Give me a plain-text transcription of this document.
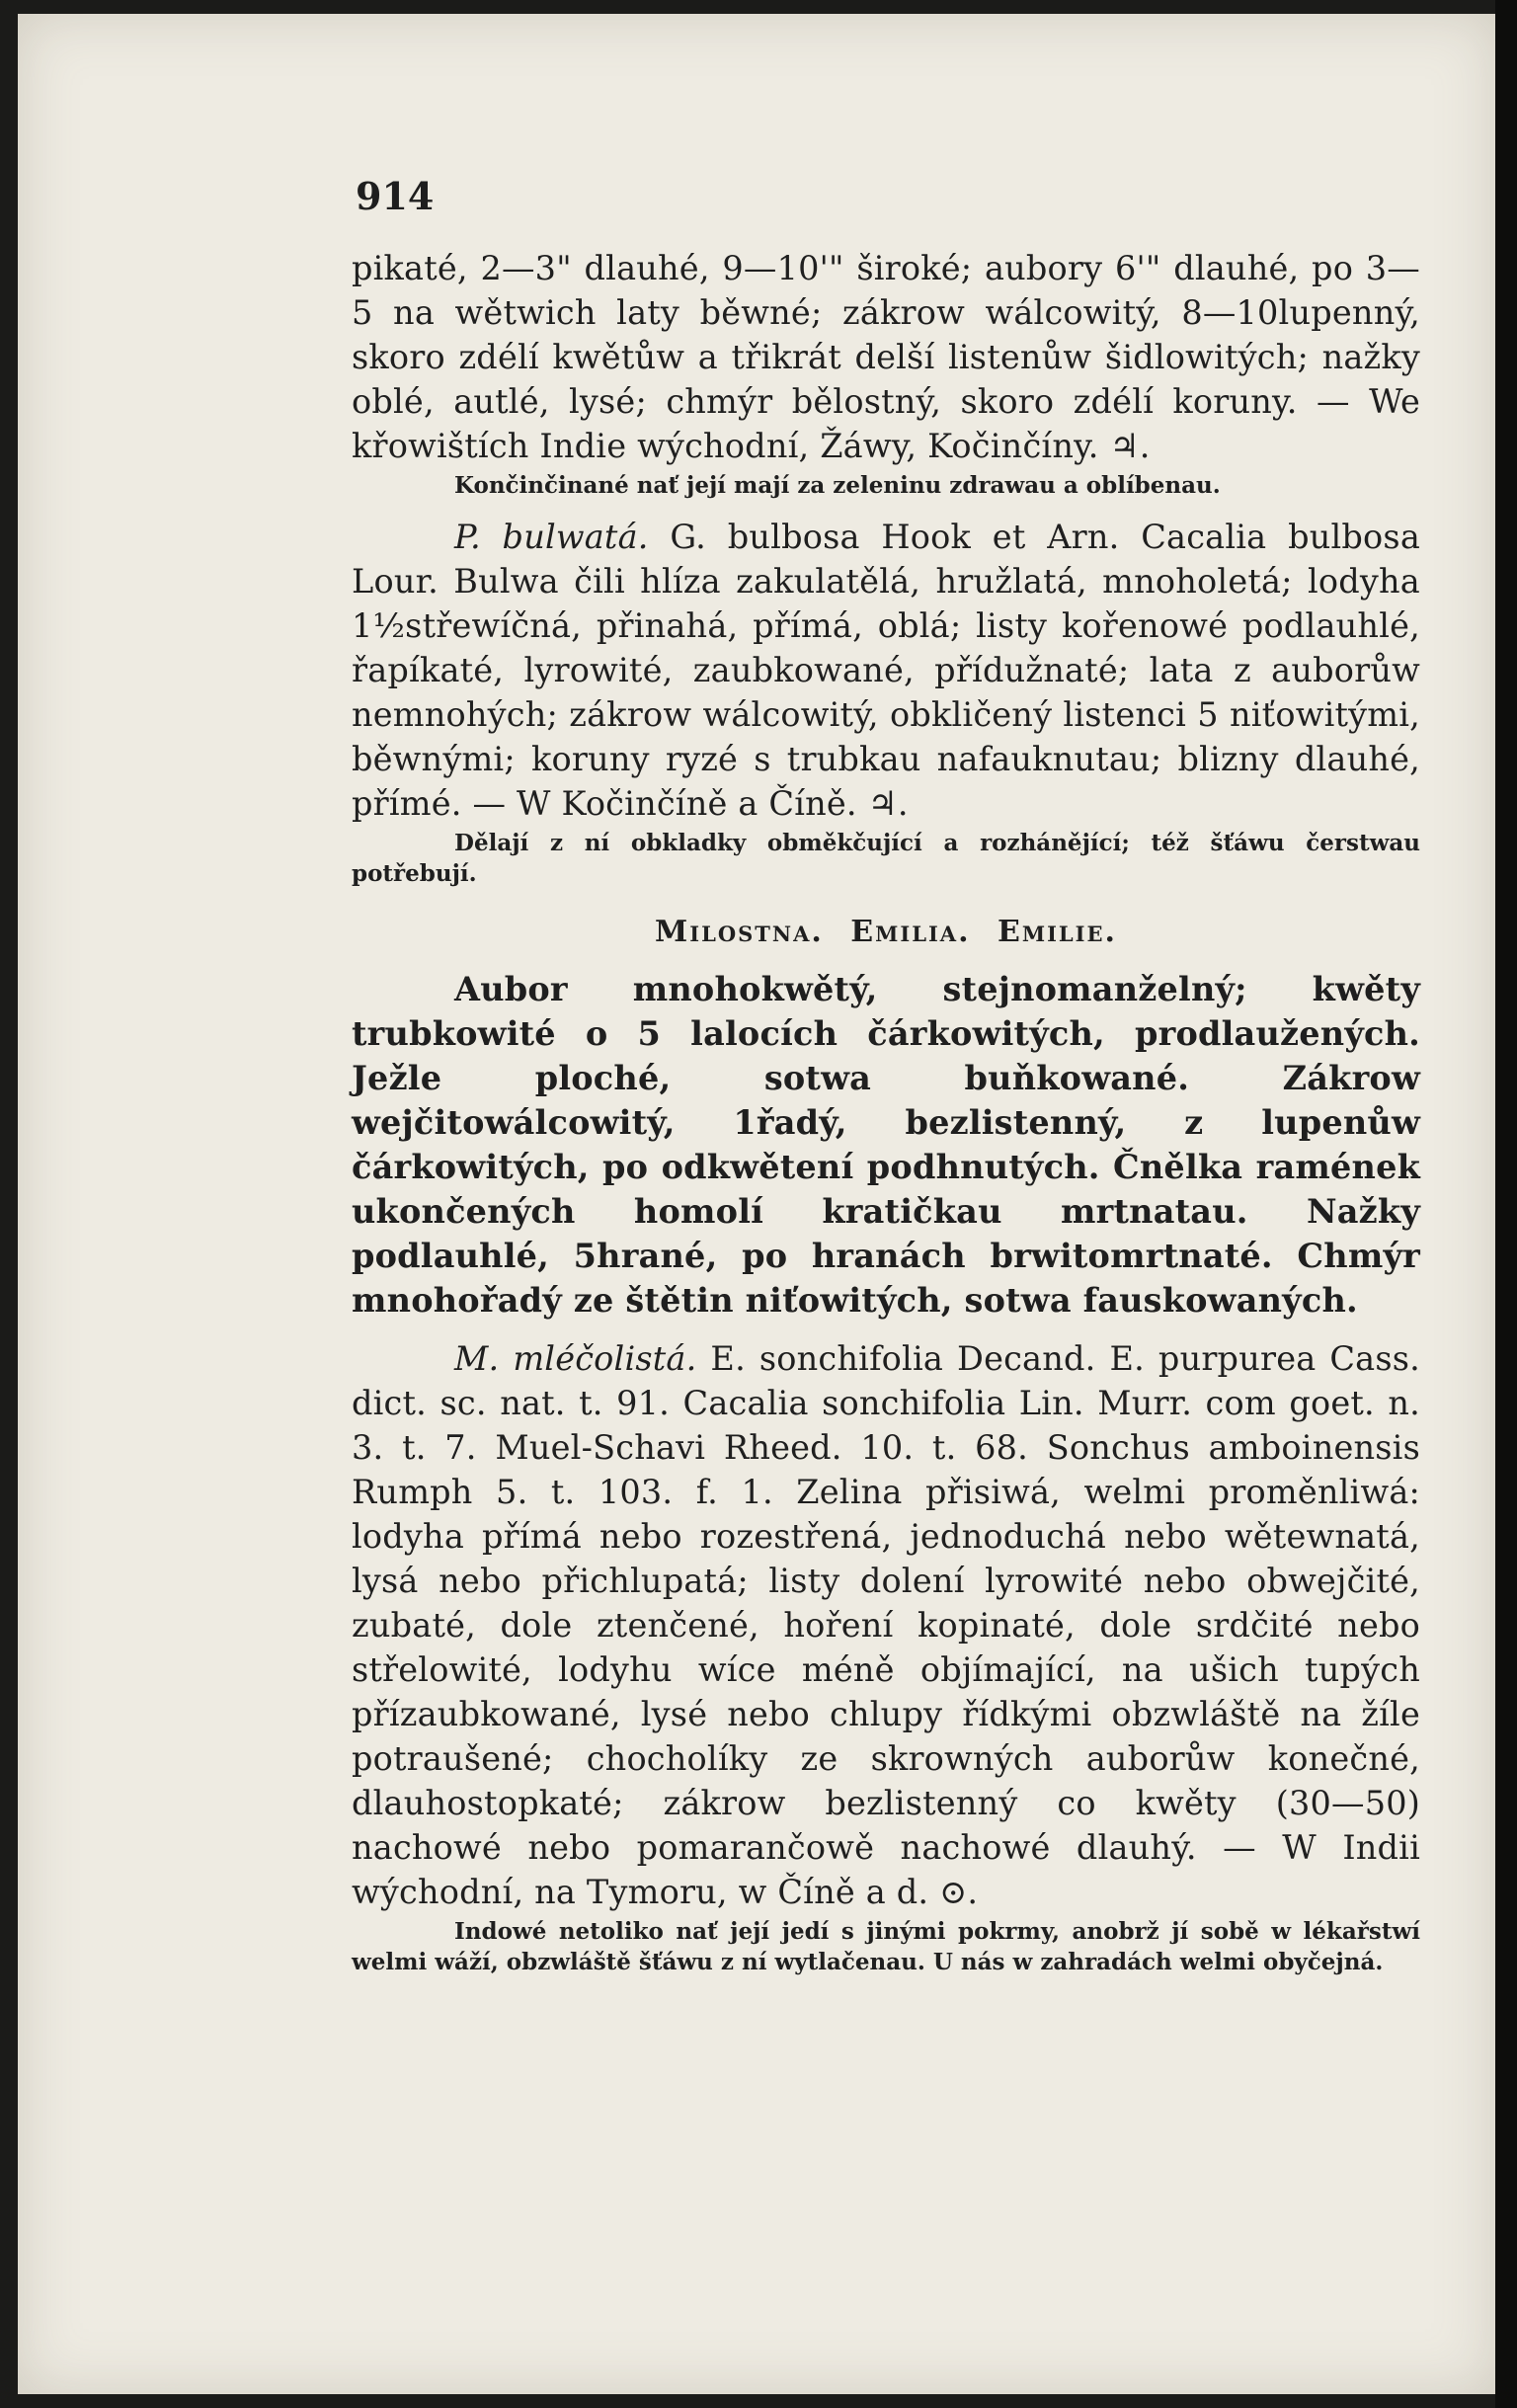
914

pikaté, 2—3" dlauhé, 9—10'" široké; aubory 6'" dlauhé, po 3—5 na wětwich laty běwné; zákrow wálcowitý, 8—10lupenný, skoro zdélí kwětůw a třikrát delší listenůw šidlowitých; nažky oblé, autlé, lysé; chmýr bělostný, skoro zdélí koruny. — We křowištích Indie wýchodní, Žáwy, Kočinčíny. ♃.

Končinčinané nať její mají za zeleninu zdrawau a oblíbenau.

P. bulwatá. G. bulbosa Hook et Arn. Cacalia bulbosa Lour. Bulwa čili hlíza zakulatělá, hružlatá, mnoholetá; lodyha 1½střewíčná, přinahá, přímá, oblá; listy kořenowé podlauhlé, řapíkaté, lyrowité, zaubkowané, přídužnaté; lata z auborůw nemnohých; zákrow wálcowitý, obkličený listenci 5 niťowitými, běwnými; koruny ryzé s trubkau nafauknutau; blizny dlauhé, přímé. — W Kočinčíně a Číně. ♃.

Dělají z ní obkladky obměkčující a rozhánějící; též šťáwu čerstwau potřebují.

Milostna. Emilia. Emilie.

Aubor mnohokwětý, stejnomanželný; kwěty trubkowité o 5 lalocích čárkowitých, prodlaužených. Ježle ploché, sotwa buňkowané. Zákrow wejčitowálcowitý, 1řadý, bezlistenný, z lupenůw čárkowitých, po odkwětení podhnutých. Čnělka ramének ukončených homolí kratičkau mrtnatau. Nažky podlauhlé, 5hrané, po hranách brwitomrtnaté. Chmýr mnohořadý ze štětin niťowitých, sotwa fauskowaných.

M. mléčolistá. E. sonchifolia Decand. E. purpurea Cass. dict. sc. nat. t. 91. Cacalia sonchifolia Lin. Murr. com goet. n. 3. t. 7. Muel-Schavi Rheed. 10. t. 68. Sonchus amboinensis Rumph 5. t. 103. f. 1. Zelina přisiwá, welmi proměnliwá: lodyha přímá nebo rozestřená, jednoduchá nebo wětewnatá, lysá nebo přichlupatá; listy dolení lyrowité nebo obwejčité, zubaté, dole ztenčené, hoření kopinaté, dole srdčité nebo střelowité, lodyhu wíce méně objímající, na ušich tupých přízaubkowané, lysé nebo chlupy řídkými obzwláště na žíle potraušené; chocholíky ze skrowných auborůw konečné, dlauhostopkaté; zákrow bezlistenný co kwěty (30—50) nachowé nebo pomarančowě nachowé dlauhý. — W Indii wýchodní, na Tymoru, w Číně a d. ⊙.

Indowé netoliko nať její jedí s jinými pokrmy, anobrž jí sobě w lékařstwí welmi wáží, obzwláště šťáwu z ní wytlačenau. U nás w zahradách welmi obyčejná.
